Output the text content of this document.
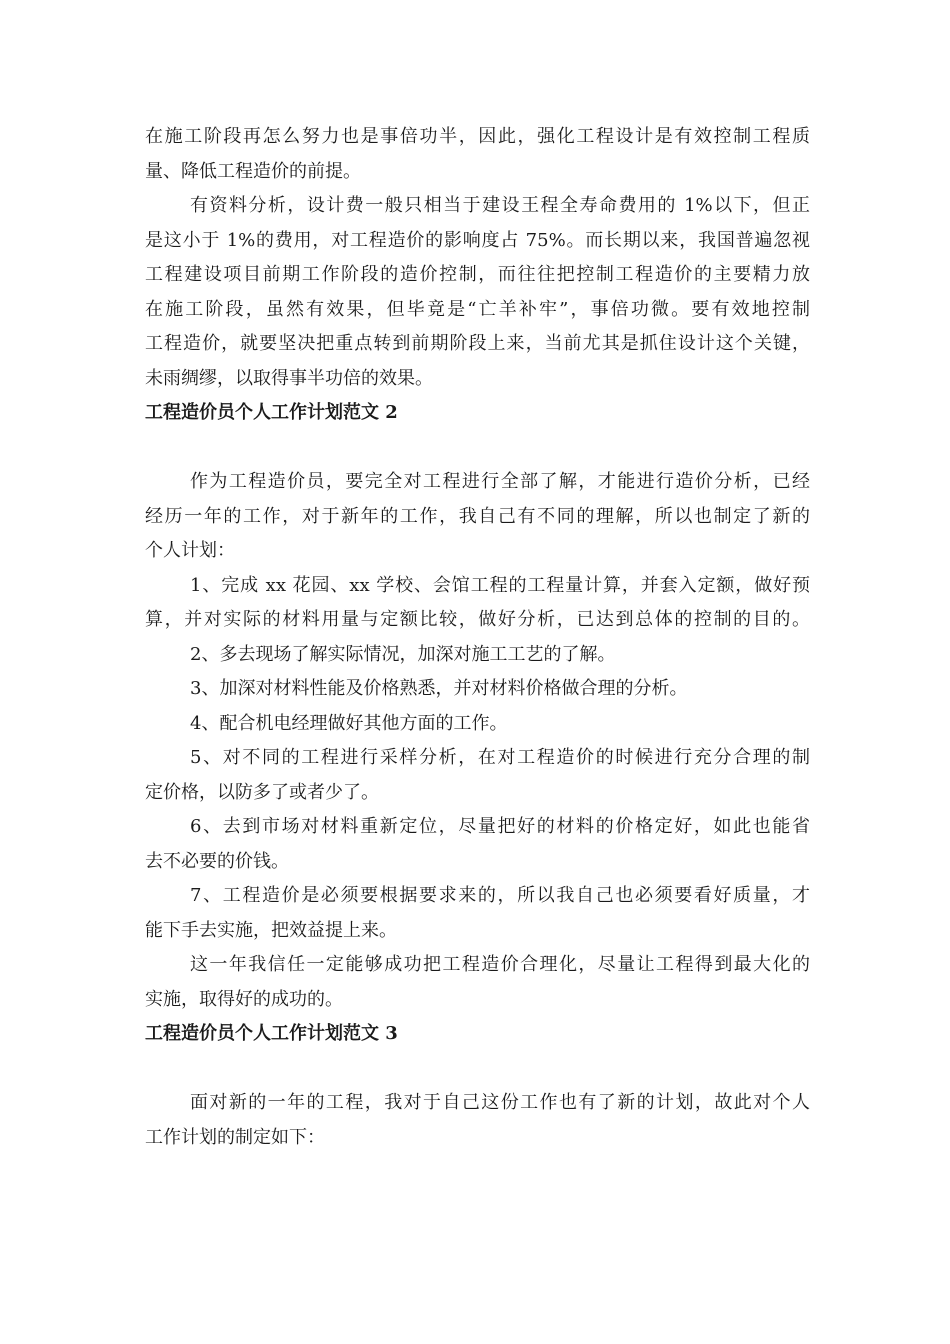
在施工阶段再怎么努力也是事倍功半，因此，强化工程设计是有效控制工程质

量、降低工程造价的前提。

有资料分析，设计费一般只相当于建设王程全寿命费用的 1%以下，但正

是这小于 1%的费用，对工程造价的影响度占 75%。而长期以来，我国普遍忽视

工程建设项目前期工作阶段的造价控制，而往往把控制工程造价的主要精力放

在施工阶段，虽然有效果，但毕竟是“亡羊补牢”，事倍功微。要有效地控制

工程造价，就要坚决把重点转到前期阶段上来，当前尤其是抓住设计这个关键，

未雨绸缪，以取得事半功倍的效果。

工程造价员个人工作计划范文 2

作为工程造价员，要完全对工程进行全部了解，才能进行造价分析，已经

经历一年的工作，对于新年的工作，我自己有不同的理解，所以也制定了新的

个人计划：

1、完成 xx 花园、xx 学校、会馆工程的工程量计算，并套入定额，做好预

算，并对实际的材料用量与定额比较，做好分析，已达到总体的控制的目的。

2、多去现场了解实际情况，加深对施工工艺的了解。

3、加深对材料性能及价格熟悉，并对材料价格做合理的分析。

4、配合机电经理做好其他方面的工作。

5、对不同的工程进行采样分析，在对工程造价的时候进行充分合理的制

定价格，以防多了或者少了。

6、去到市场对材料重新定位，尽量把好的材料的价格定好，如此也能省

去不必要的价钱。

7、工程造价是必须要根据要求来的，所以我自己也必须要看好质量，才

能下手去实施，把效益提上来。

这一年我信任一定能够成功把工程造价合理化，尽量让工程得到最大化的

实施，取得好的成功的。

工程造价员个人工作计划范文 3

面对新的一年的工程，我对于自己这份工作也有了新的计划，故此对个人

工作计划的制定如下：
